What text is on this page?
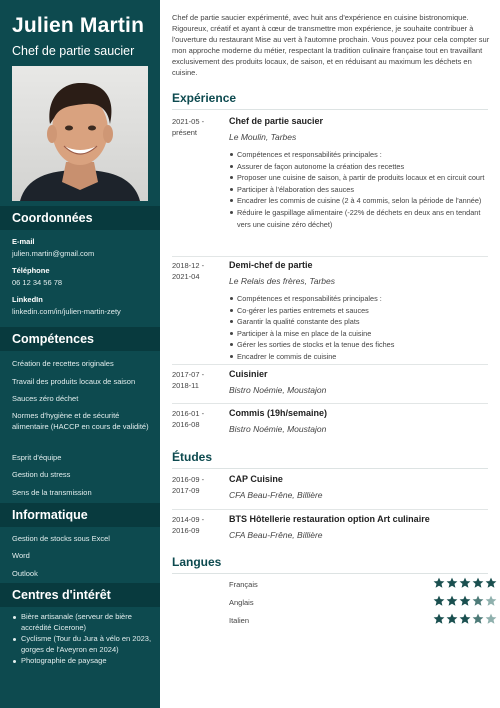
Julien Martin
Chef de partie saucier
Coordonnées
E-mail
julien.martin@gmail.com
Téléphone
06 12 34 56 78
LinkedIn
linkedin.com/in/julien-martin-zety
Compétences
Création de recettes originales
Travail des produits locaux de saison
Sauces zéro déchet
Normes d'hygiène et de sécurité alimentaire (HACCP en cours de validité)
Esprit d'équipe
Gestion du stress
Sens de la transmission
Informatique
Gestion de stocks sous Excel
Word
Outlook
Centres d'intérêt
Bière artisanale (serveur de bière accrédité Cicerone)
Cyclisme (Tour du Jura à vélo en 2023, gorges de l'Aveyron en 2024)
Photographie de paysage
Chef de partie saucier expérimenté, avec huit ans d'expérience en cuisine bistronomique. Rigoureux, créatif et ayant à cœur de transmettre mon expérience, je souhaite contribuer à l'ouverture du restaurant Mise au vert à l'automne prochain. Vous pouvez pour cela compter sur mon approche moderne du métier, respectant la tradition culinaire française tout en travaillant exclusivement des produits locaux, de saison, et en réduisant au maximum les déchets en cuisine.
Expérience
2021-05 - présent
Chef de partie saucier
Le Moulin, Tarbes
Compétences et responsabilités principales :
Assurer de façon autonome la création des recettes
Proposer une cuisine de saison, à partir de produits locaux et en circuit court
Participer à l'élaboration des sauces
Encadrer les commis de cuisine (2 à 4 commis, selon la période de l'année)
Réduire le gaspillage alimentaire (-22% de déchets en deux ans en tendant vers une cuisine zéro déchet)
2018-12 - 2021-04
Demi-chef de partie
Le Relais des frères, Tarbes
Compétences et responsabilités principales :
Co-gérer les parties entremets et sauces
Garantir la qualité constante des plats
Participer à la mise en place de la cuisine
Gérer les sorties de stocks et la tenue des fiches
Encadrer le commis de cuisine
2017-07 - 2018-11
Cuisinier
Bistro Noémie, Moustajon
2016-01 - 2016-08
Commis (19h/semaine)
Bistro Noémie, Moustajon
Études
2016-09 - 2017-09
CAP Cuisine
CFA Beau-Frêne, Billière
2014-09 - 2016-09
BTS Hôtellerie restauration option Art culinaire
CFA Beau-Frêne, Billière
Langues
Français
Anglais
Italien
